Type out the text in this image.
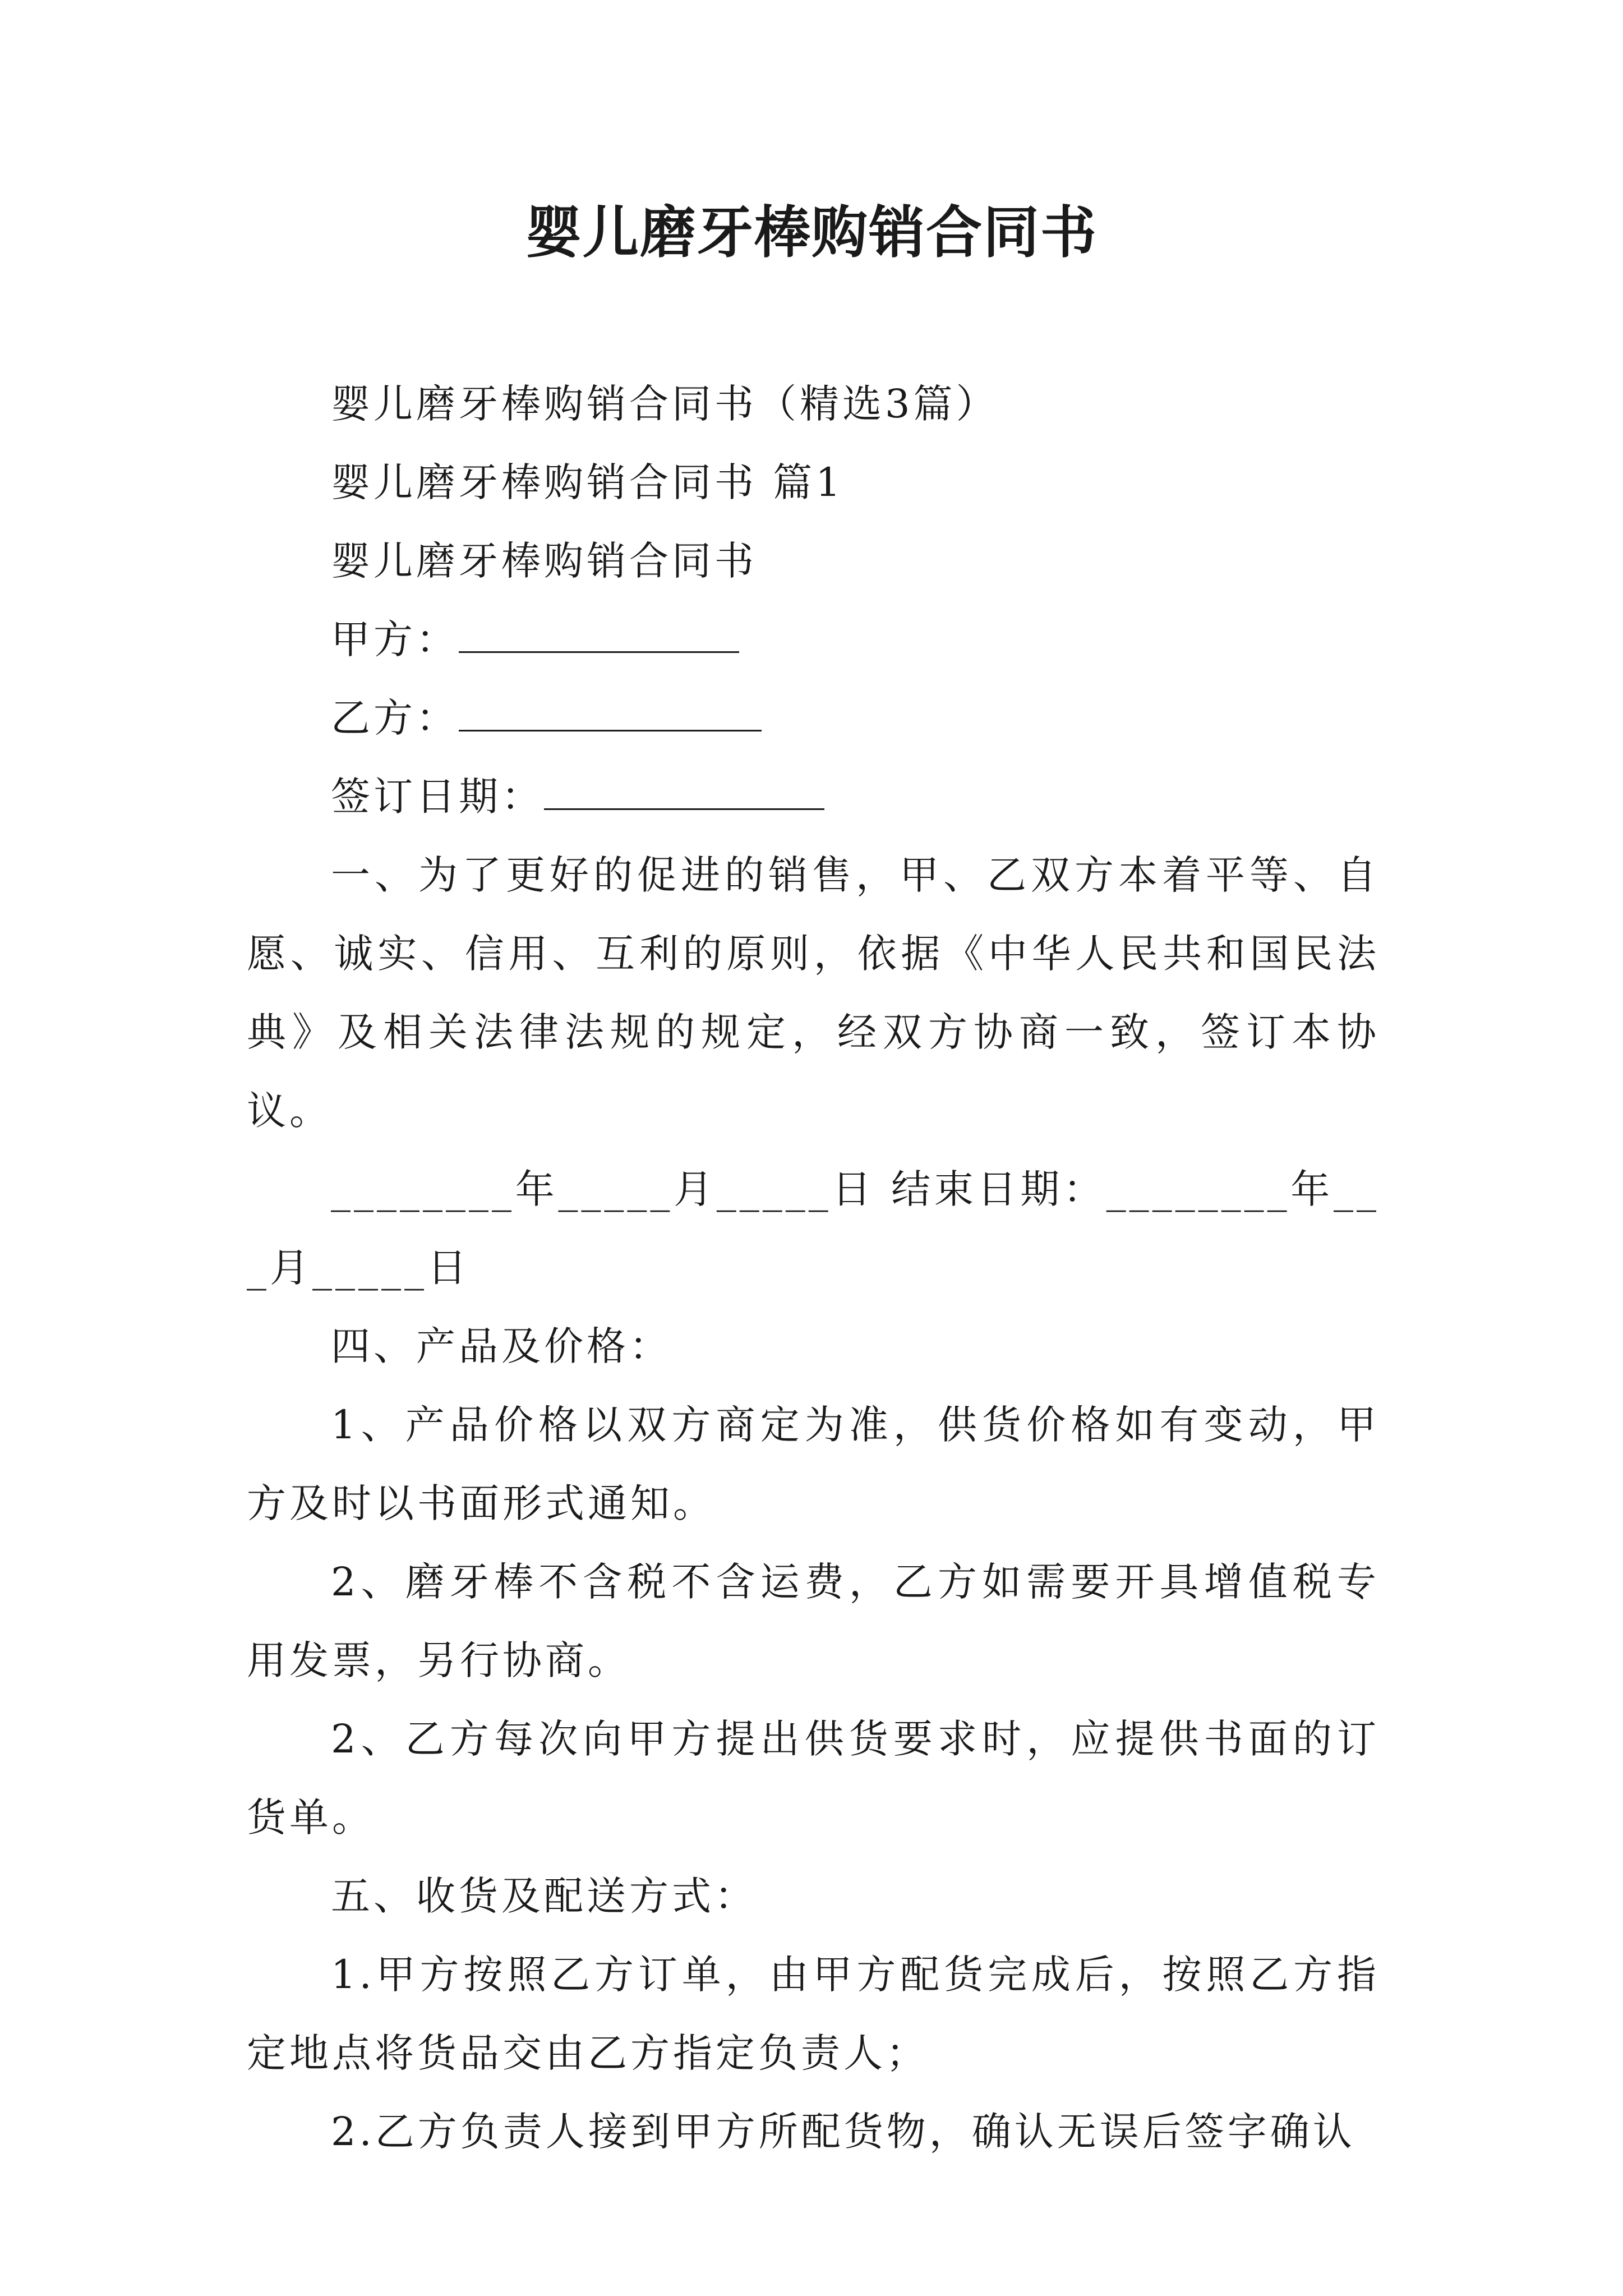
婴儿磨牙棒购销合同书

婴儿磨牙棒购销合同书（精选3篇）

婴儿磨牙棒购销合同书 篇1

婴儿磨牙棒购销合同书

甲方：

乙方：

签订日期：

一、为了更好的促进的销售，甲、乙双方本着平等、自愿、诚实、信用、互利的原则，依据《中华人民共和国民法典》及相关法律法规的规定，经双方协商一致，签订本协议。

________年_____月_____日 结束日期：________年___月_____日

四、产品及价格：

1、产品价格以双方商定为准，供货价格如有变动，甲方及时以书面形式通知。

2、磨牙棒不含税不含运费，乙方如需要开具增值税专用发票，另行协商。

2、乙方每次向甲方提出供货要求时，应提供书面的订货单。

五、收货及配送方式：

1.甲方按照乙方订单，由甲方配货完成后，按照乙方指定地点将货品交由乙方指定负责人；

2.乙方负责人接到甲方所配货物，确认无误后签字确认
